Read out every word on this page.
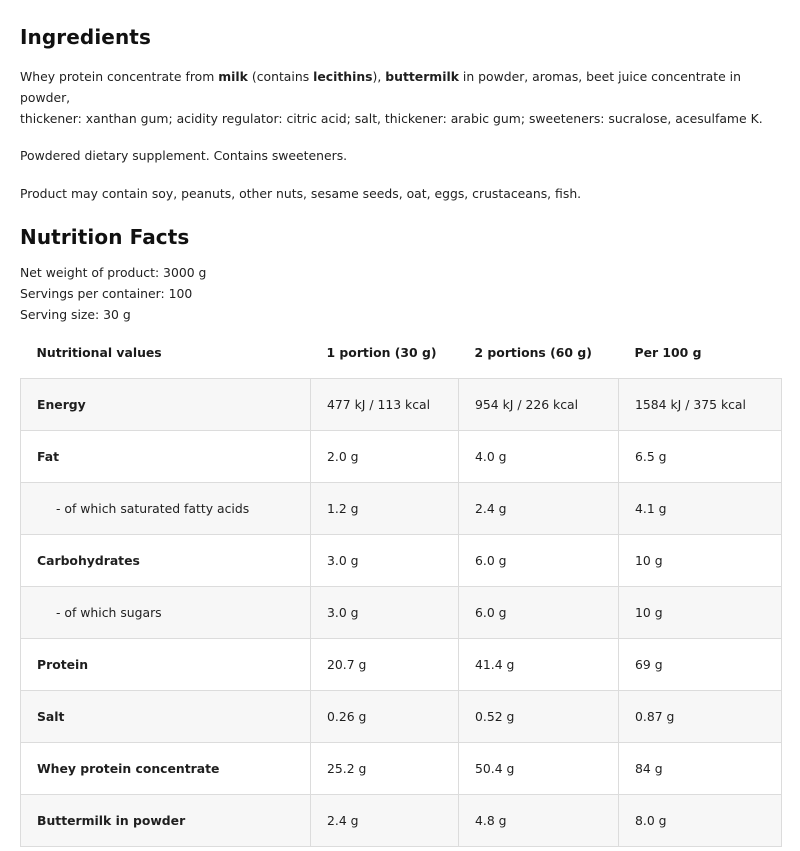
Ingredients

Whey protein concentrate from milk (contains lecithins), buttermilk in powder, aromas, beet juice concentrate in powder,
thickener: xanthan gum; acidity regulator: citric acid; salt, thickener: arabic gum; sweeteners: sucralose, acesulfame K.

Powdered dietary supplement. Contains sweeteners.

Product may contain soy, peanuts, other nuts, sesame seeds, oat, eggs, crustaceans, fish.

Nutrition Facts
Net weight of product: 3000 g
Servings per container: 100
Serving size: 30 g
Nutritional values	1 portion (30 g)	2 portions (60 g)	Per 100 g
Energy	477 kJ / 113 kcal	954 kJ / 226 kcal	1584 kJ / 375 kcal
Fat	2.0 g	4.0 g	6.5 g
- of which saturated fatty acids	1.2 g	2.4 g	4.1 g
Carbohydrates	3.0 g	6.0 g	10 g
- of which sugars	3.0 g	6.0 g	10 g
Protein	20.7 g	41.4 g	69 g
Salt	0.26 g	0.52 g	0.87 g
Whey protein concentrate	25.2 g	50.4 g	84 g
Buttermilk in powder	2.4 g	4.8 g	8.0 g
